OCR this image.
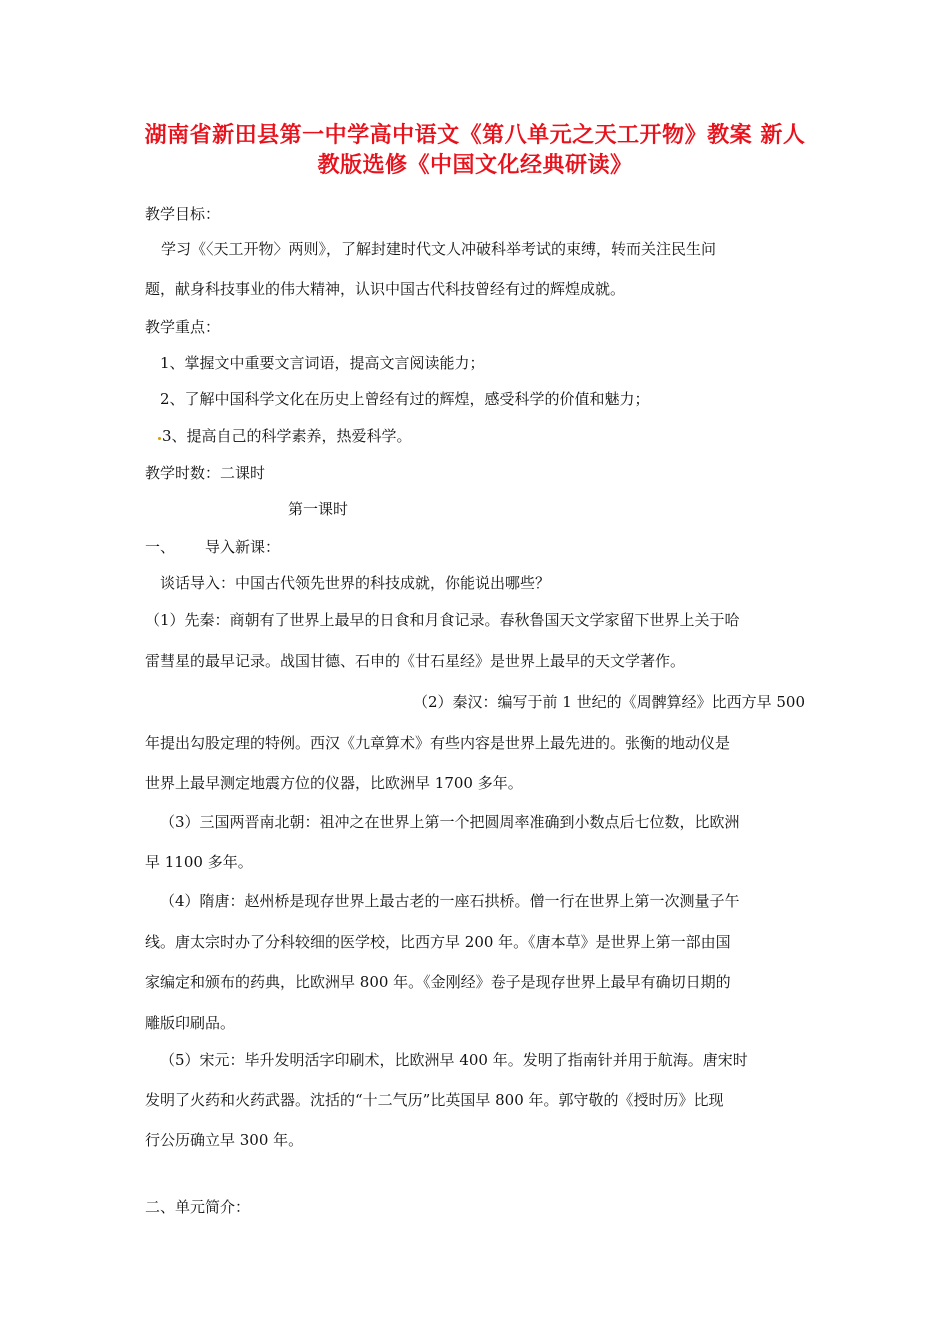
湖南省新田县第一中学高中语文《第八单元之天工开物》教案 新人
教版选修《中国文化经典研读》
教学目标：
学习《〈天工开物〉两则》，了解封建时代文人冲破科举考试的束缚，转而关注民生问
题，献身科技事业的伟大精神，认识中国古代科技曾经有过的辉煌成就。
教学重点：
1、掌握文中重要文言词语，提高文言阅读能力；
2、了解中国科学文化在历史上曾经有过的辉煌，感受科学的价值和魅力；
3、提高自己的科学素养，热爱科学。
教学时数：二课时
第一课时
一、 导入新课：
谈话导入：中国古代领先世界的科技成就，你能说出哪些？
（1）先秦：商朝有了世界上最早的日食和月食记录。春秋鲁国天文学家留下世界上关于哈
雷彗星的最早记录。战国甘德、石申的《甘石星经》是世界上最早的天文学著作。
（2）秦汉：编写于前 1 世纪的《周髀算经》比西方早 500
年提出勾股定理的特例。西汉《九章算术》有些内容是世界上最先进的。张衡的地动仪是
世界上最早测定地震方位的仪器，比欧洲早 1700 多年。
（3）三国两晋南北朝：祖冲之在世界上第一个把圆周率准确到小数点后七位数，比欧洲
早 1100 多年。
（4）隋唐：赵州桥是现存世界上最古老的一座石拱桥。僧一行在世界上第一次测量子午
线。唐太宗时办了分科较细的医学校，比西方早 200 年。《唐本草》是世界上第一部由国
家编定和颁布的药典，比欧洲早 800 年。《金刚经》卷子是现存世界上最早有确切日期的
雕版印刷品。
（5）宋元：毕升发明活字印刷术，比欧洲早 400 年。发明了指南针并用于航海。唐宋时
发明了火药和火药武器。沈括的“十二气历”比英国早 800 年。郭守敬的《授时历》比现
行公历确立早 300 年。
二、单元简介：
